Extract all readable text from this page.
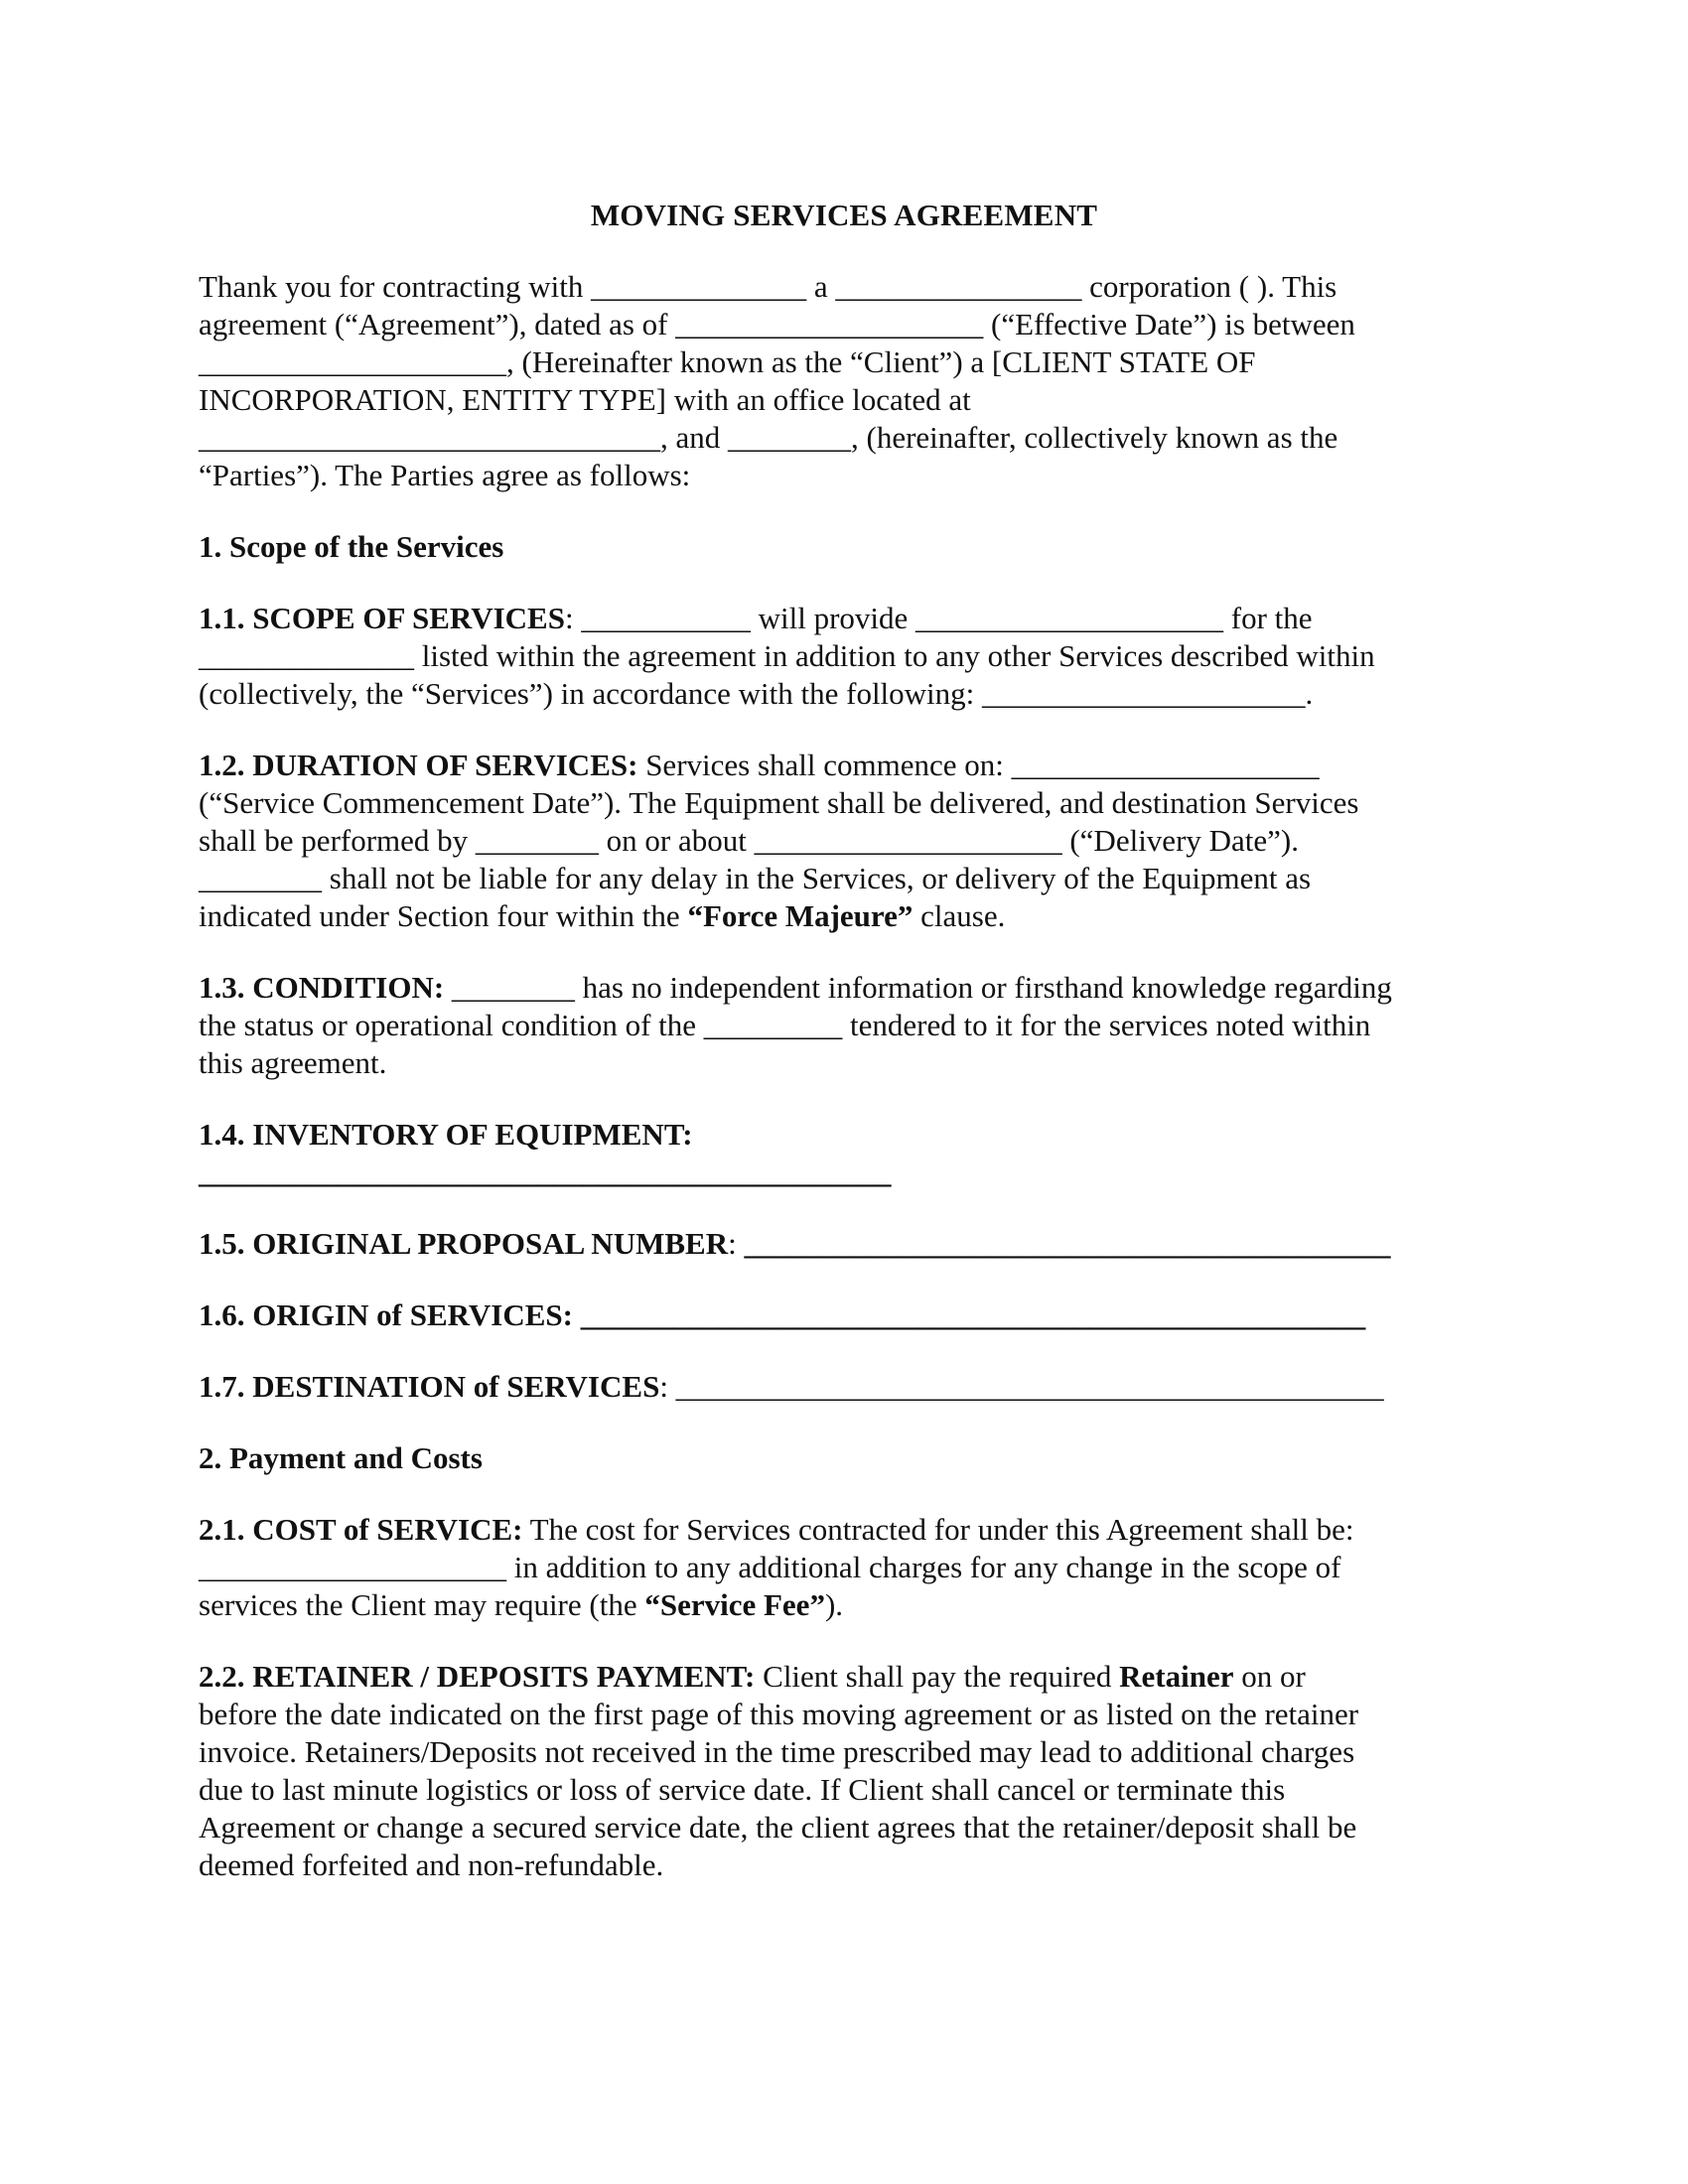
MOVING SERVICES AGREEMENT
Thank you for contracting with ______________ a ________________ corporation ( ). This
agreement (“Agreement”), dated as of ____________________ (“Effective Date”) is between
____________________, (Hereinafter known as the “Client”) a [CLIENT STATE OF
INCORPORATION, ENTITY TYPE] with an office located at
______________________________, and ________, (hereinafter, collectively known as the
“Parties”). The Parties agree as follows:
1. Scope of the Services
1.1. SCOPE OF SERVICES: ___________ will provide ____________________ for the
______________ listed within the agreement in addition to any other Services described within
(collectively, the “Services”) in accordance with the following: _____________________.
1.2. DURATION OF SERVICES: Services shall commence on: ____________________
(“Service Commencement Date”). The Equipment shall be delivered, and destination Services
shall be performed by ________ on or about ____________________ (“Delivery Date”).
________ shall not be liable for any delay in the Services, or delivery of the Equipment as
indicated under Section four within the “Force Majeure” clause.
1.3. CONDITION: ________ has no independent information or firsthand knowledge regarding
the status or operational condition of the _________ tendered to it for the services noted within
this agreement.
1.4. INVENTORY OF EQUIPMENT:
_____________________________________________
1.5. ORIGINAL PROPOSAL NUMBER: __________________________________________
1.6. ORIGIN of SERVICES: ___________________________________________________
1.7. DESTINATION of SERVICES: ______________________________________________
2. Payment and Costs
2.1. COST of SERVICE: The cost for Services contracted for under this Agreement shall be:
____________________ in addition to any additional charges for any change in the scope of
services the Client may require (the “Service Fee”).
2.2. RETAINER / DEPOSITS PAYMENT: Client shall pay the required Retainer on or
before the date indicated on the first page of this moving agreement or as listed on the retainer
invoice. Retainers/Deposits not received in the time prescribed may lead to additional charges
due to last minute logistics or loss of service date. If Client shall cancel or terminate this
Agreement or change a secured service date, the client agrees that the retainer/deposit shall be
deemed forfeited and non-refundable.
